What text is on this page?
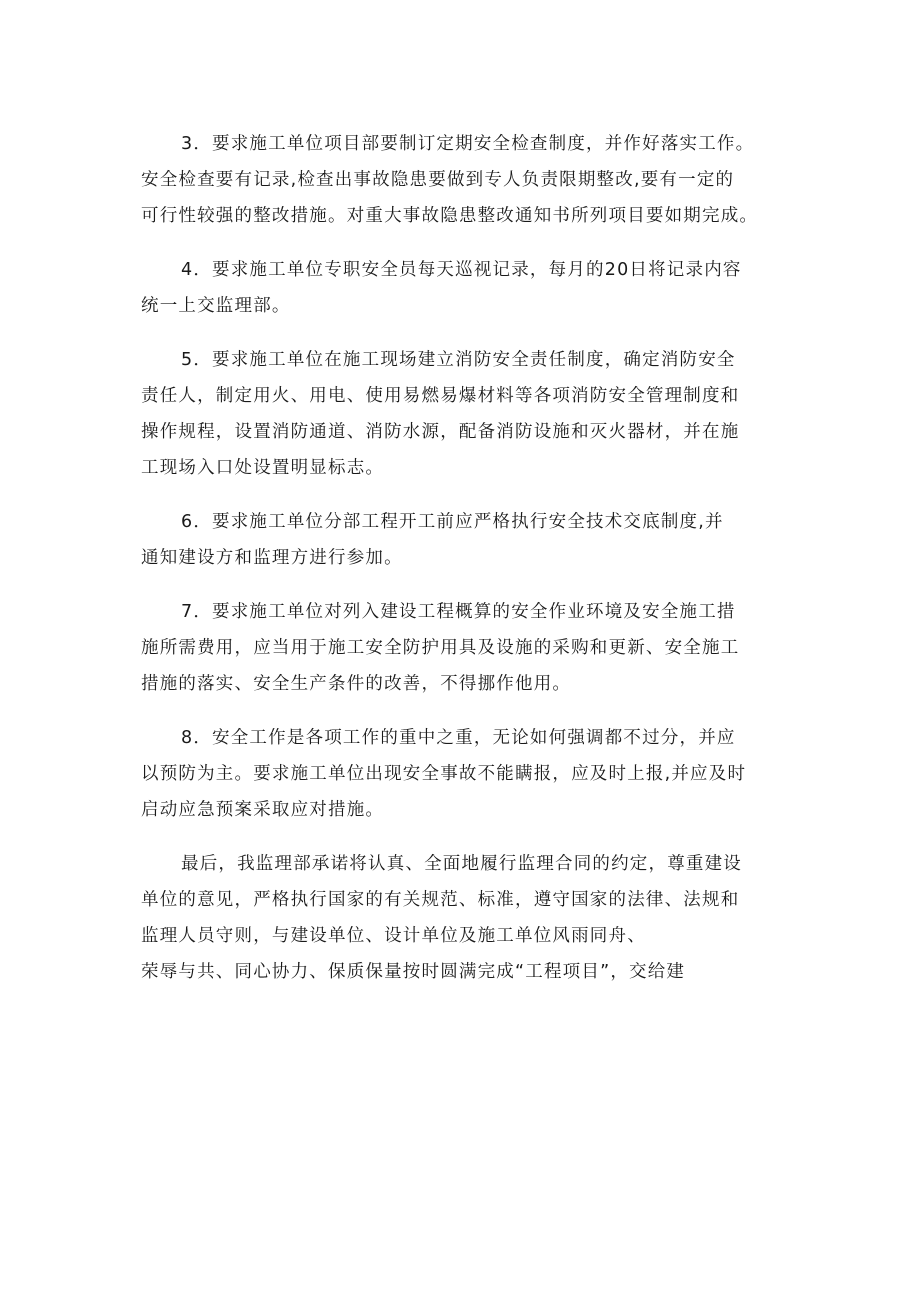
3．要求施工单位项目部要制订定期安全检查制度，并作好落实工作。
安全检查要有记录,检查出事故隐患要做到专人负责限期整改,要有一定的
可行性较强的整改措施。对重大事故隐患整改通知书所列项目要如期完成。
4．要求施工单位专职安全员每天巡视记录，每月的20日将记录内容
统一上交监理部。
5．要求施工单位在施工现场建立消防安全责任制度，确定消防安全
责任人，制定用火、用电、使用易燃易爆材料等各项消防安全管理制度和
操作规程，设置消防通道、消防水源，配备消防设施和灭火器材，并在施
工现场入口处设置明显标志。
6．要求施工单位分部工程开工前应严格执行安全技术交底制度,并
通知建设方和监理方进行参加。
7．要求施工单位对列入建设工程概算的安全作业环境及安全施工措
施所需费用，应当用于施工安全防护用具及设施的采购和更新、安全施工
措施的落实、安全生产条件的改善，不得挪作他用。
8．安全工作是各项工作的重中之重，无论如何强调都不过分，并应
以预防为主。要求施工单位出现安全事故不能瞒报，应及时上报,并应及时
启动应急预案采取应对措施。
最后，我监理部承诺将认真、全面地履行监理合同的约定，尊重建设
单位的意见，严格执行国家的有关规范、标准，遵守国家的法律、法规和
监理人员守则，与建设单位、设计单位及施工单位风雨同舟、
荣辱与共、同心协力、保质保量按时圆满完成“工程项目”，交给建
